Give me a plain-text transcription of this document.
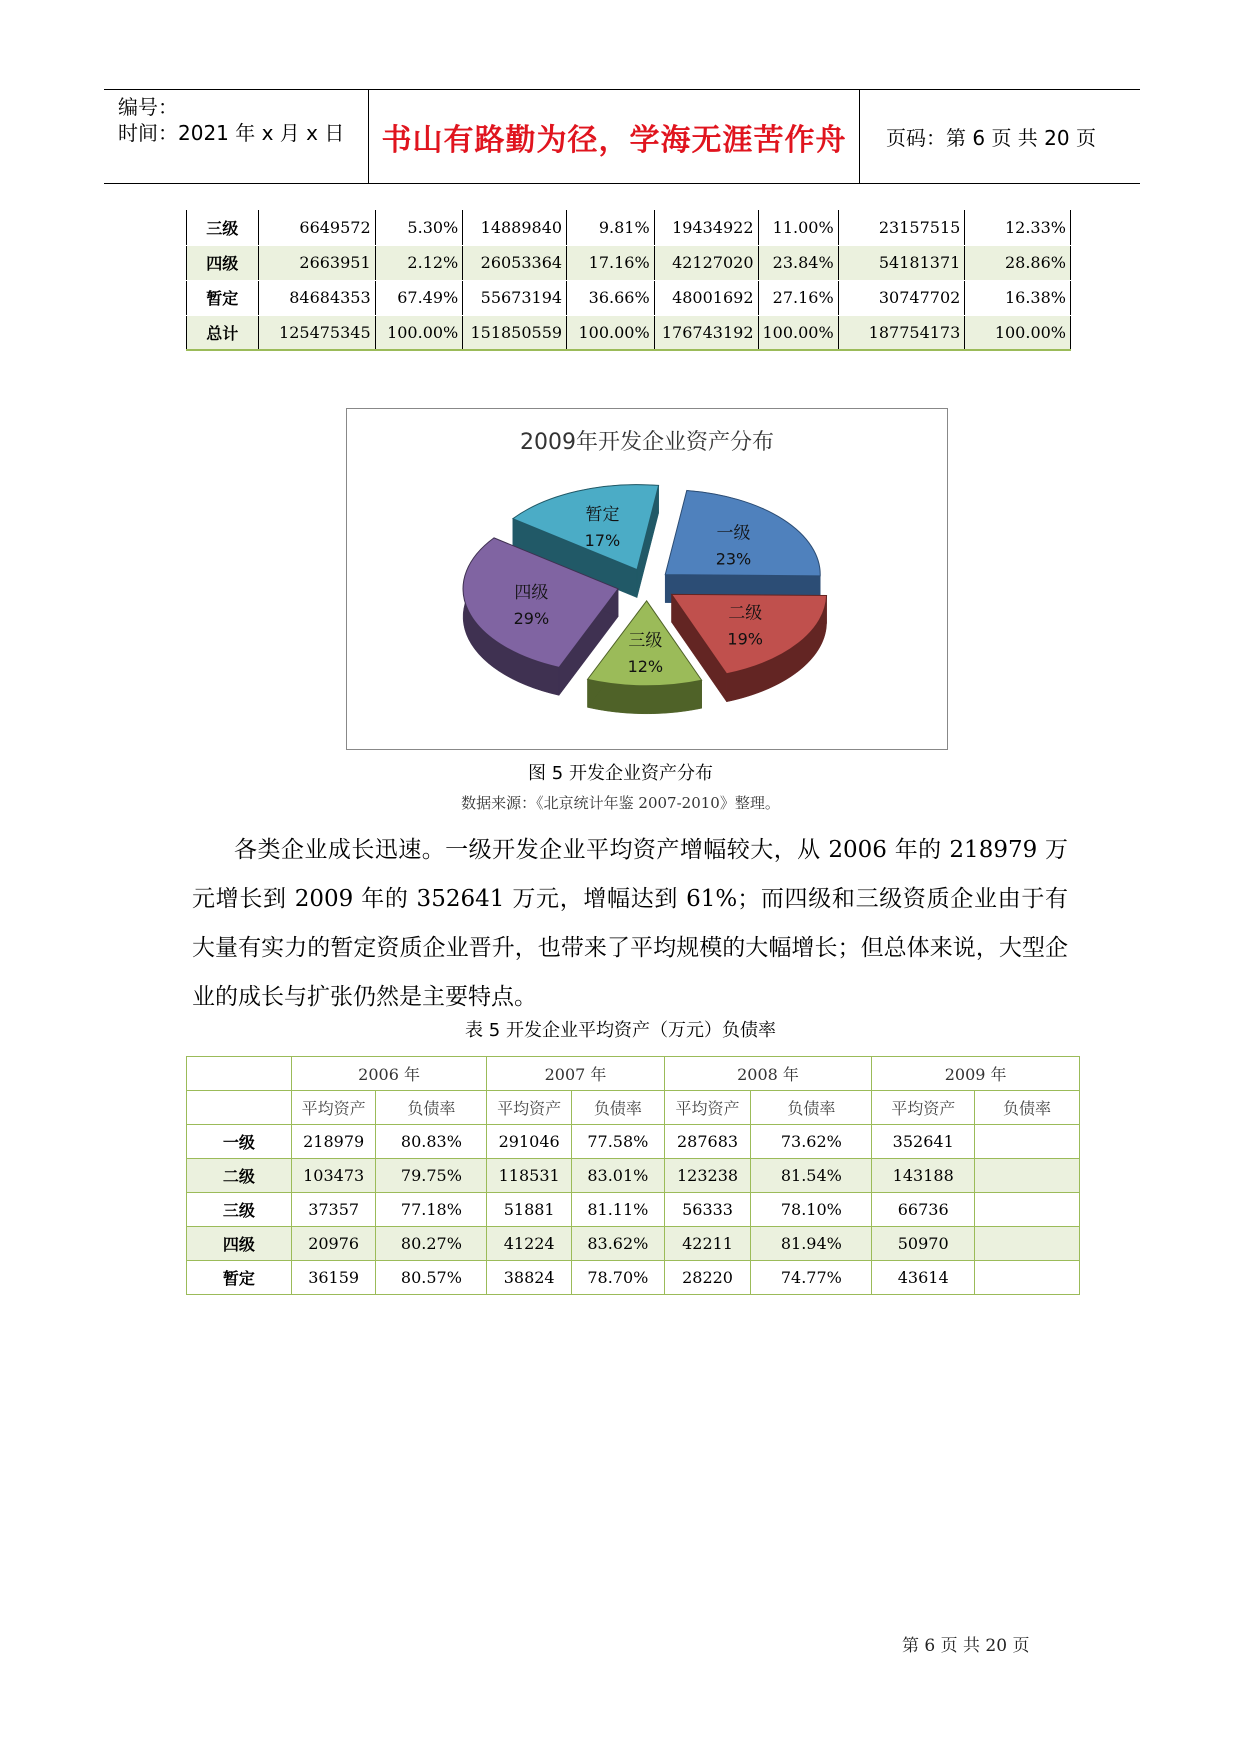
编号：
时间：2021 年 x 月 x 日	书山有路勤为径，学海无涯苦作舟	页码：第 6 页 共 20 页
三级	6649572	5.30%	14889840	9.81%	19434922	11.00%	23157515	12.33%
四级	2663951	2.12%	26053364	17.16%	42127020	23.84%	54181371	28.86%
暂定	84684353	67.49%	55673194	36.66%	48001692	27.16%	30747702	16.38%
总计	125475345	100.00%	151850559	100.00%	176743192	100.00%	187754173	100.00%
2009年开发企业资产分布
暂定
17%	一级
23%
四级
29%	二级
19%
三级
12%
图 5 开发企业资产分布
数据来源：《北京统计年鉴 2007-2010》整理。

各类企业成长迅速。一级开发企业平均资产增幅较大，从 2006 年的 218979 万元增长到 2009 年的 352641 万元，增幅达到 61%；而四级和三级资质企业由于有大量有实力的暂定资质企业晋升，也带来了平均规模的大幅增长；但总体来说，大型企业的成长与扩张仍然是主要特点。

表 5 开发企业平均资产（万元）负债率
	2006 年		2007 年		2008 年		2009 年	
	平均资产	负债率	平均资产	负债率	平均资产	负债率	平均资产	负债率
一级	218979	80.83%	291046	77.58%	287683	73.62%	352641	
二级	103473	79.75%	118531	83.01%	123238	81.54%	143188	
三级	37357	77.18%	51881	81.11%	56333	78.10%	66736	
四级	20976	80.27%	41224	83.62%	42211	81.94%	50970	
暂定	36159	80.57%	38824	78.70%	28220	74.77%	43614	
第 6 页 共 20 页
